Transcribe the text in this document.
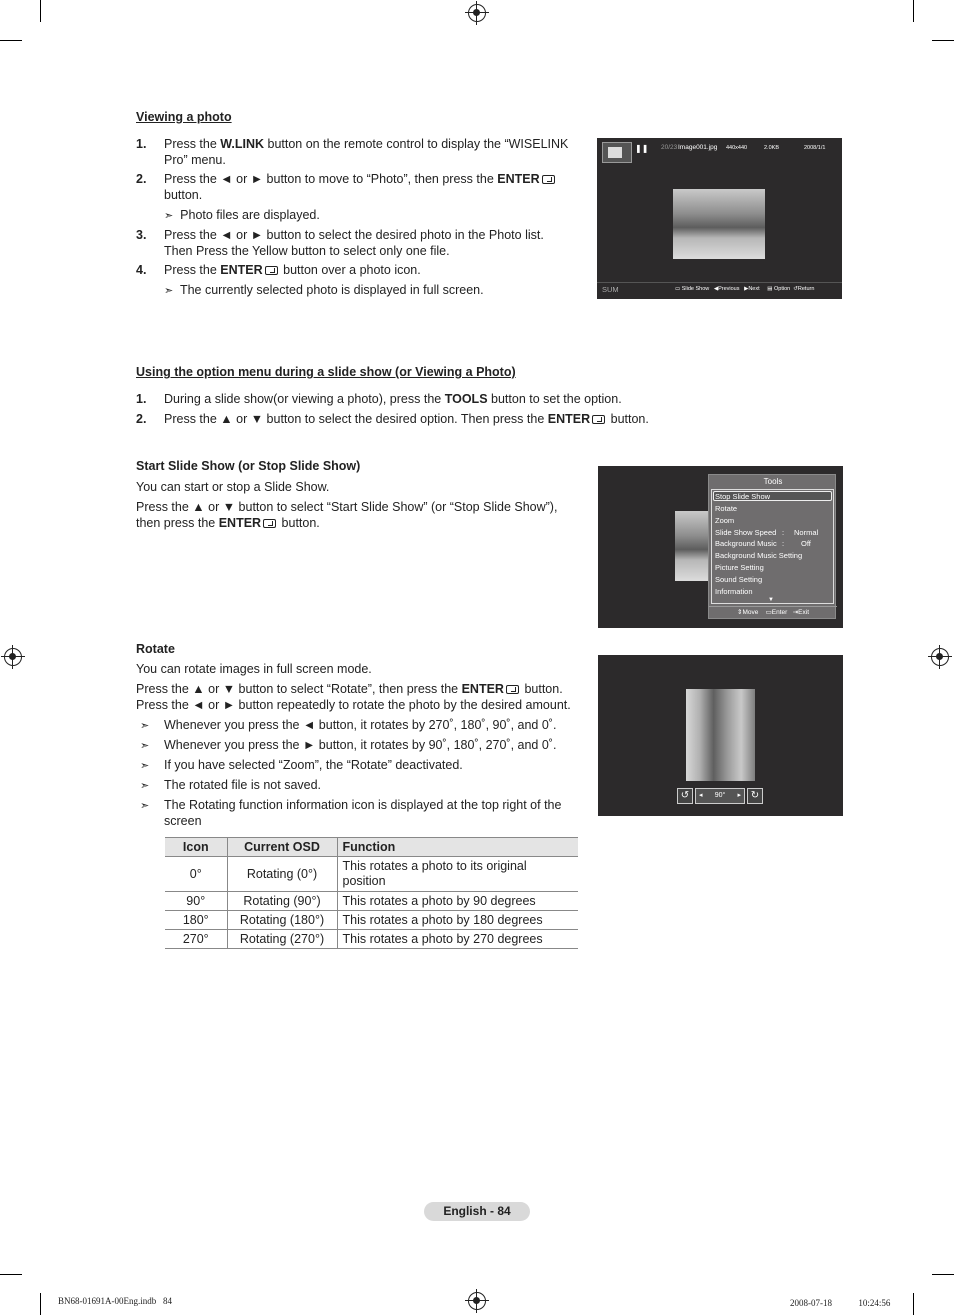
Viewing a photo
1. Press the W.LINK button on the remote control to display the “WISELINK
Pro” menu.
2. Press the ◄ or ► button to move to “Photo”, then press the ENTER
button.
➣ Photo files are displayed.
3. Press the ◄ or ► button to select the desired photo in the Photo list.
Then Press the Yellow button to select only one file.
4. Press the ENTER button over a photo icon.
➣ The currently selected photo is displayed in full screen.
❚❚ 20/23 Image001.jpg 440x440	2.0KB	2008/1/1
SUM	▭ Slide Show ◀Previous ▶Next ▤ Option ↺Return
Using the option menu during a slide show (or Viewing a Photo)
1. During a slide show(or viewing a photo), press the TOOLS button to set the option.
2. Press the ▲ or ▼ button to select the desired option. Then press the ENTER button.
Start Slide Show (or Stop Slide Show)
You can start or stop a Slide Show.
Press the ▲ or ▼ button to select “Start Slide Show” (or “Stop Slide Show”),
then press the ENTER button.
Tools
Stop Slide Show
Rotate
Zoom
Slide Show Speed : Normal
Background Music : Off
Background Music Setting
Picture Setting
Sound Setting
Information
▼
⇕Move ▭Enter ⇥Exit
Rotate
You can rotate images in full screen mode.
Press the ▲ or ▼ button to select “Rotate”, then press the ENTER button.
Press the ◄ or ► button repeatedly to rotate the photo by the desired amount.
➣ Whenever you press the ◄ button, it rotates by 270˚, 180˚, 90˚, and 0˚.
➣ Whenever you press the ► button, it rotates by 90˚, 180˚, 270˚, and 0˚.
➣ If you have selected “Zoom”, the “Rotate” deactivated.
➣ The rotated file is not saved.
➣ The Rotating function information icon is displayed at the top right of the
screen
↺	◂	90°	▸ ↻
Icon	Current OSD	Function
0°	Rotating (0°)	This rotates a photo to its original
position
90°	Rotating (90°)	This rotates a photo by 90 degrees
180°	Rotating (180°)	This rotates a photo by 180 degrees
270°	Rotating (270°)	This rotates a photo by 270 degrees
English - 84
BN68-01691A-00Eng.indb   84	2008-07-18   ﾠﾠ 10:24:56
